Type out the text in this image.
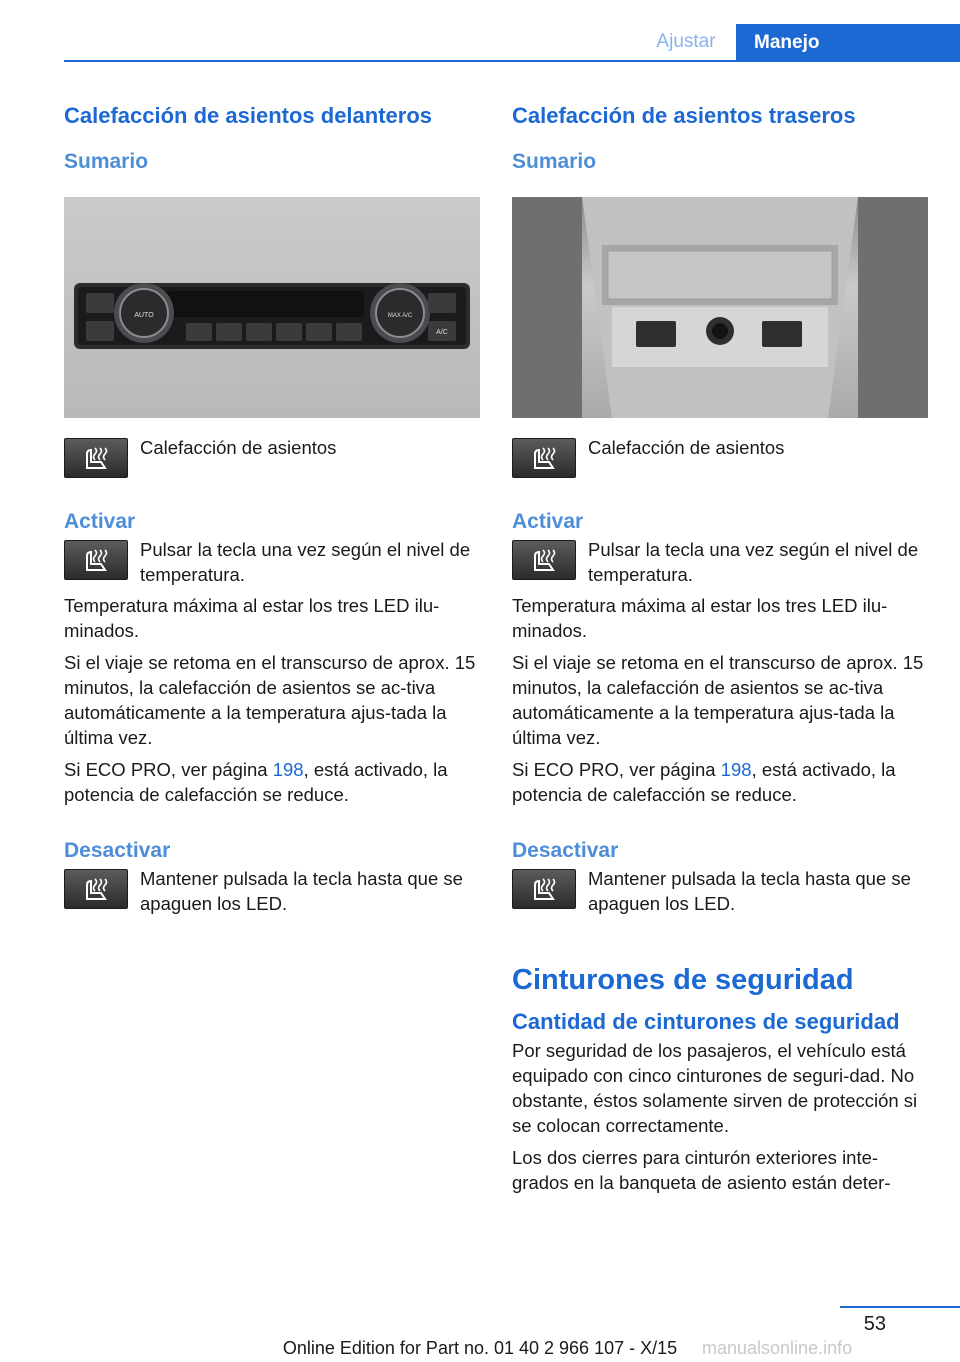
Ajustar	Manejo
Calefacción de asientos delanteros
Sumario
AUTO	MAX A/C
A/C

Calefacción de asientos

Activar

Pulsar la tecla una vez según el nivel de temperatura.

Temperatura máxima al estar los tres LED ilu‐minados.

Si el viaje se retoma en el transcurso de aprox. 15 minutos, la calefacción de asientos se ac‐tiva automáticamente a la temperatura ajus‐tada la última vez.

Si ECO PRO, ver página 198, está activado, la potencia de calefacción se reduce.

Desactivar

Mantener pulsada la tecla hasta que se apaguen los LED.

Calefacción de asientos traseros
Sumario

Calefacción de asientos

Activar

Pulsar la tecla una vez según el nivel de temperatura.

Temperatura máxima al estar los tres LED ilu‐minados.

Si el viaje se retoma en el transcurso de aprox. 15 minutos, la calefacción de asientos se ac‐tiva automáticamente a la temperatura ajus‐tada la última vez.

Si ECO PRO, ver página 198, está activado, la potencia de calefacción se reduce.

Desactivar

Mantener pulsada la tecla hasta que se apaguen los LED.

Cinturones de seguridad
Cantidad de cinturones de seguridad

Por seguridad de los pasajeros, el vehículo está equipado con cinco cinturones de seguri‐dad. No obstante, éstos solamente sirven de protección si se colocan correctamente.

Los dos cierres para cinturón exteriores inte‐grados en la banqueta de asiento están deter‐

53
Online Edition for Part no. 01 40 2 966 107 - X/15	manualsonline.info
